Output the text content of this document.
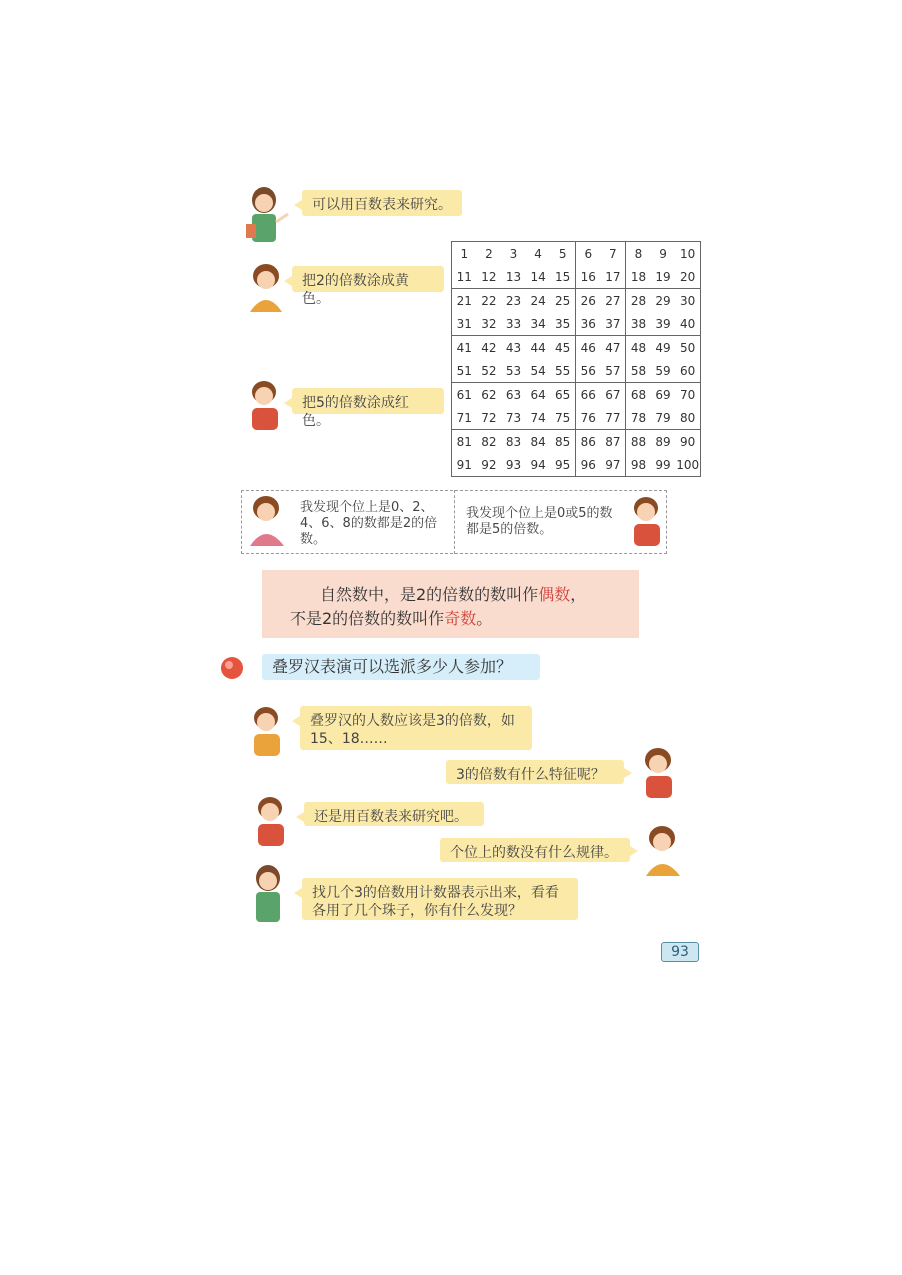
可以用百数表来研究。
把2的倍数涂成黄色。
把5的倍数涂成红色。
1	2	3	4	5	6	7	8	9	10
11	12	13	14	15	16	17	18	19	20
21	22	23	24	25	26	27	28	29	30
31	32	33	34	35	36	37	38	39	40
41	42	43	44	45	46	47	48	49	50
51	52	53	54	55	56	57	58	59	60
61	62	63	64	65	66	67	68	69	70
71	72	73	74	75	76	77	78	79	80
81	82	83	84	85	86	87	88	89	90
91	92	93	94	95	96	97	98	99	100
我发现个位上是0、2、4、6、8的数都是2的倍数。
我发现个位上是0或5的数都是5的倍数。
自然数中，是2的倍数的数叫作偶数，
不是2的倍数的数叫作奇数。
叠罗汉表演可以选派多少人参加？
叠罗汉的人数应该是3的倍数，如15、18……
3的倍数有什么特征呢？
还是用百数表来研究吧。
个位上的数没有什么规律。
找几个3的倍数用计数器表示出来，看看各用了几个珠子，你有什么发现？
93
